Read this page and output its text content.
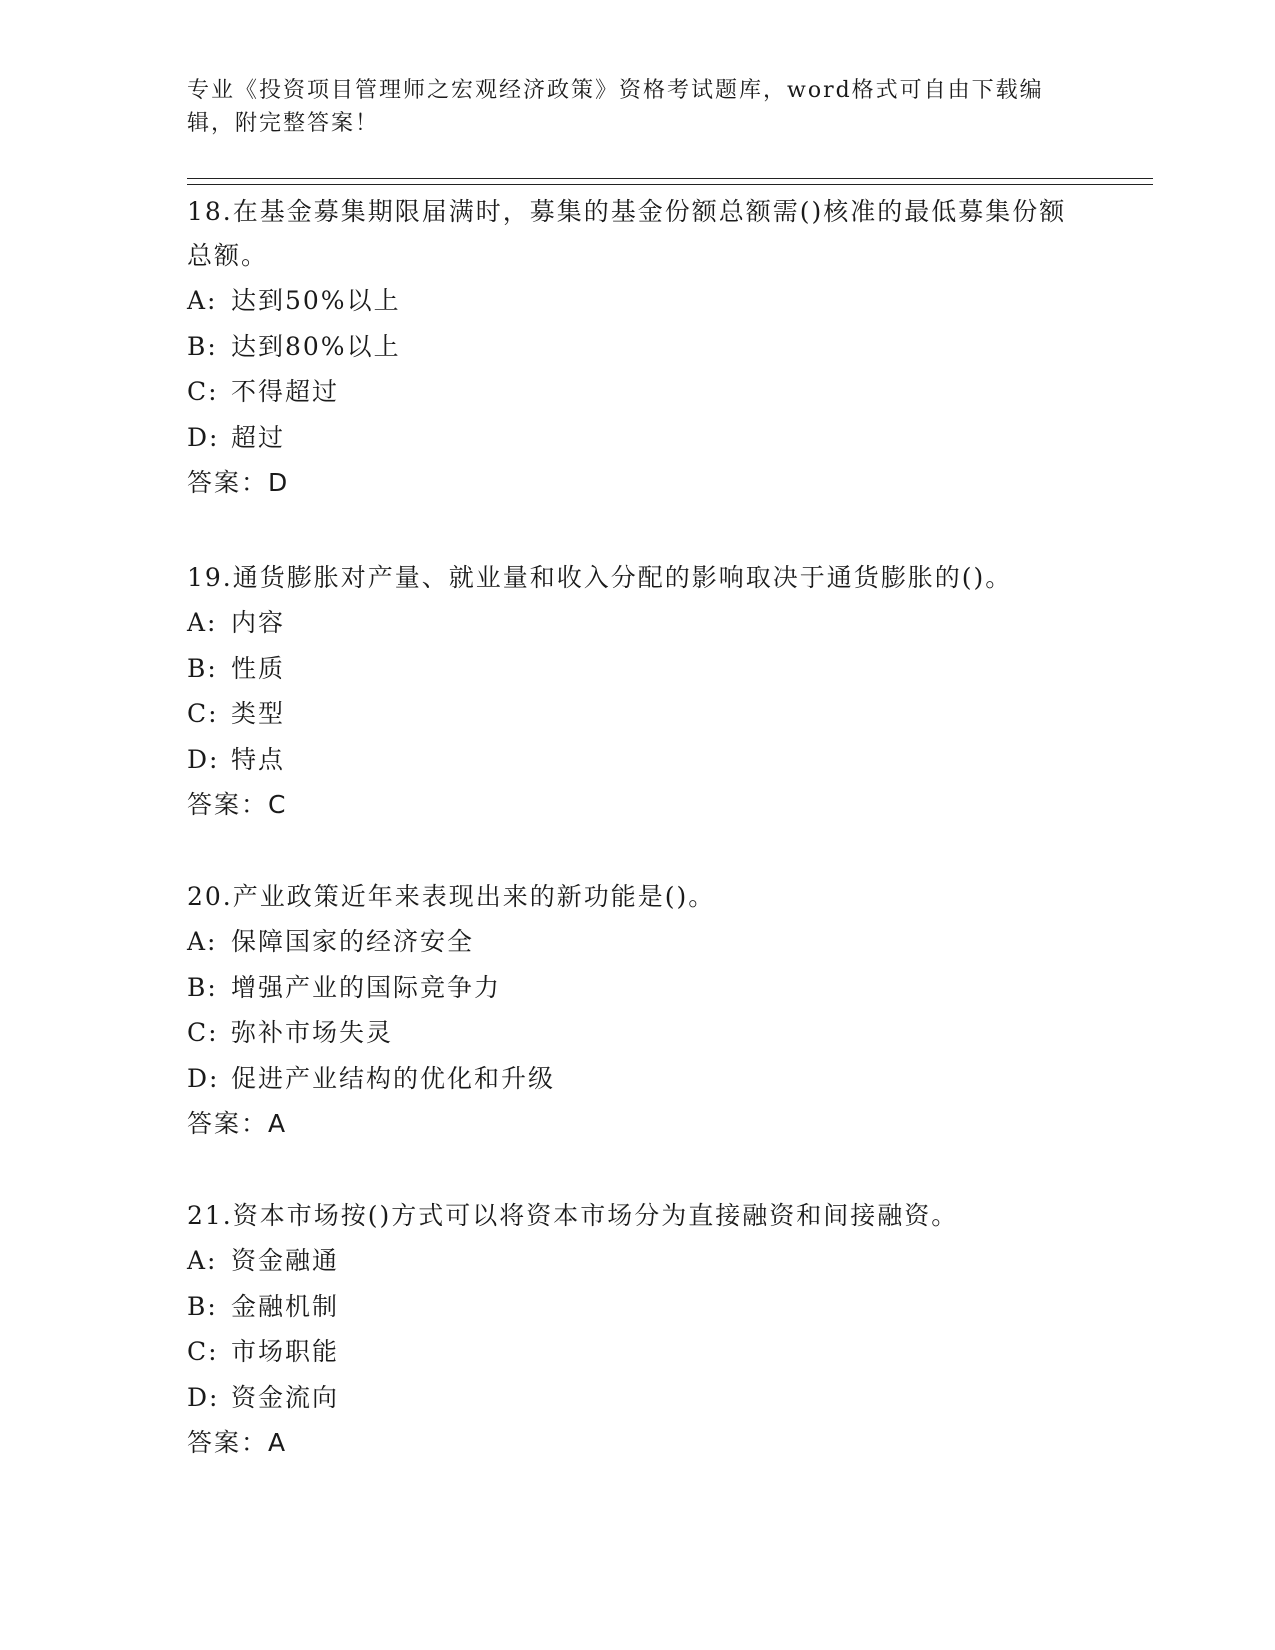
专业《投资项目管理师之宏观经济政策》资格考试题库，word格式可自由下载编辑，附完整答案！

18.在基金募集期限届满时，募集的基金份额总额需()核准的最低募集份额总额。

A: 达到50%以上
B: 达到80%以上
C: 不得超过
D: 超过
答案：D

19.通货膨胀对产量、就业量和收入分配的影响取决于通货膨胀的()。

A: 内容
B: 性质
C: 类型
D: 特点
答案：C

20.产业政策近年来表现出来的新功能是()。

A: 保障国家的经济安全
B: 增强产业的国际竞争力
C: 弥补市场失灵
D: 促进产业结构的优化和升级
答案：A

21.资本市场按()方式可以将资本市场分为直接融资和间接融资。

A: 资金融通
B: 金融机制
C: 市场职能
D: 资金流向
答案：A
